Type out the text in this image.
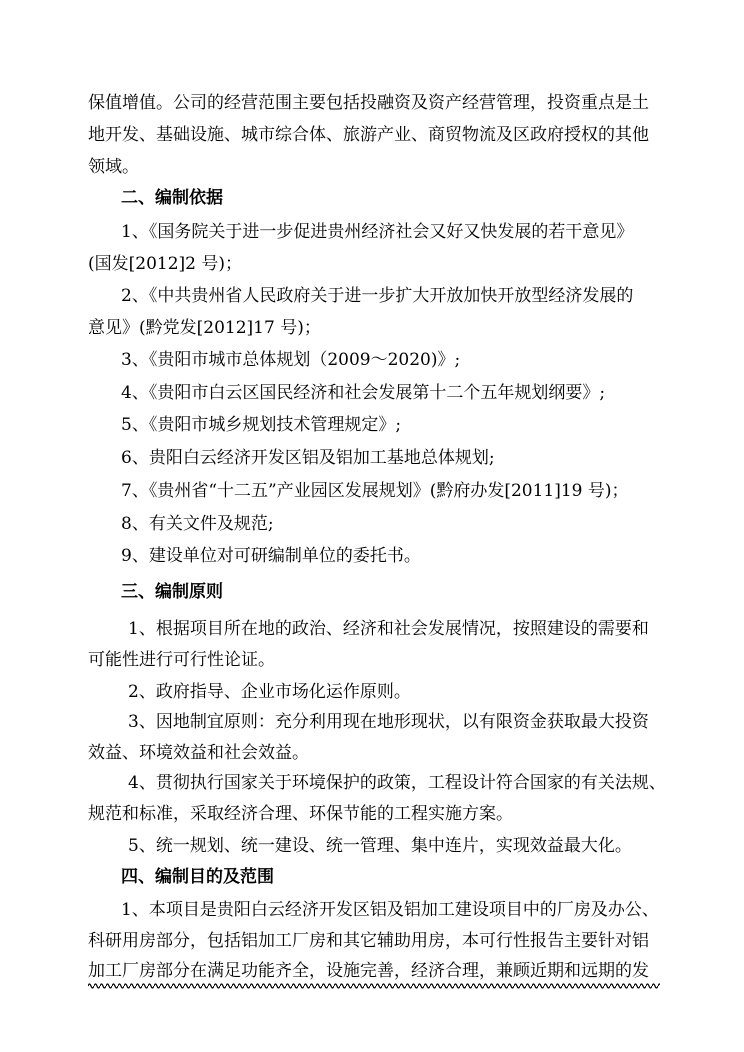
保值增值。公司的经营范围主要包括投融资及资产经营管理，投资重点是土
地开发、基础设施、城市综合体、旅游产业、商贸物流及区政府授权的其他
领域。
二、编制依据
1、《国务院关于进一步促进贵州经济社会又好又快发展的若干意见》
(国发[2012]2 号)；
2、《中共贵州省人民政府关于进一步扩大开放加快开放型经济发展的
意见》(黔党发[2012]17 号)；
3、《贵阳市城市总体规划（2009～2020)》;
4、《贵阳市白云区国民经济和社会发展第十二个五年规划纲要》;
5、《贵阳市城乡规划技术管理规定》;
6、贵阳白云经济开发区铝及铝加工基地总体规划;
7、《贵州省“十二五”产业园区发展规划》(黔府办发[2011]19 号)；
8、有关文件及规范;
9、建设单位对可研编制单位的委托书。
三、编制原则
1、根据项目所在地的政治、经济和社会发展情况，按照建设的需要和
可能性进行可行性论证。
2、政府指导、企业市场化运作原则。
3、因地制宜原则：充分利用现在地形现状，以有限资金获取最大投资
效益、环境效益和社会效益。
4、贯彻执行国家关于环境保护的政策，工程设计符合国家的有关法规、
规范和标准，采取经济合理、环保节能的工程实施方案。
5、统一规划、统一建设、统一管理、集中连片，实现效益最大化。
四、编制目的及范围
1、本项目是贵阳白云经济开发区铝及铝加工建设项目中的厂房及办公、
科研用房部分，包括铝加工厂房和其它辅助用房，本可行性报告主要针对铝
加工厂房部分在满足功能齐全，设施完善，经济合理，兼顾近期和远期的发
